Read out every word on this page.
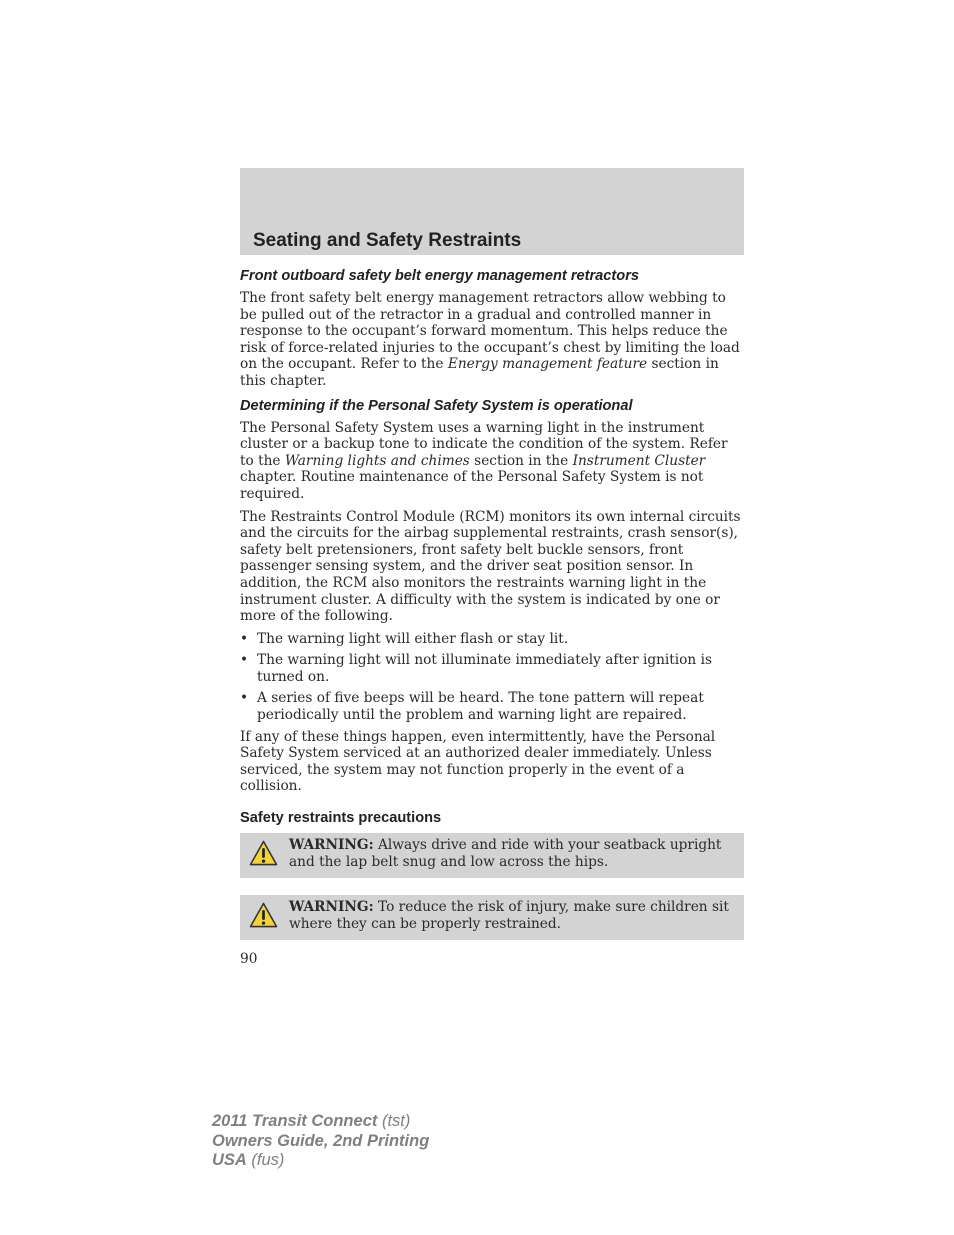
Seating and Safety Restraints
Front outboard safety belt energy management retractors

The front safety belt energy management retractors allow webbing to be pulled out of the retractor in a gradual and controlled manner in response to the occupant’s forward momentum. This helps reduce the risk of force-related injuries to the occupant’s chest by limiting the load on the occupant. Refer to the Energy management feature section in this chapter.

Determining if the Personal Safety System is operational

The Personal Safety System uses a warning light in the instrument cluster or a backup tone to indicate the condition of the system. Refer to the Warning lights and chimes section in the Instrument Cluster chapter. Routine maintenance of the Personal Safety System is not required.

The Restraints Control Module (RCM) monitors its own internal circuits and the circuits for the airbag supplemental restraints, crash sensor(s), safety belt pretensioners, front safety belt buckle sensors, front passenger sensing system, and the driver seat position sensor. In addition, the RCM also monitors the restraints warning light in the instrument cluster. A difficulty with the system is indicated by one or more of the following.

• The warning light will either flash or stay lit.
• The warning light will not illuminate immediately after ignition is turned on.
• A series of five beeps will be heard. The tone pattern will repeat periodically until the problem and warning light are repaired.

If any of these things happen, even intermittently, have the Personal Safety System serviced at an authorized dealer immediately. Unless serviced, the system may not function properly in the event of a collision.

Safety restraints precautions
WARNING: Always drive and ride with your seatback upright and the lap belt snug and low across the hips.
WARNING: To reduce the risk of injury, make sure children sit where they can be properly restrained.
90
2011 Transit Connect (tst)
Owners Guide, 2nd Printing
USA (fus)
